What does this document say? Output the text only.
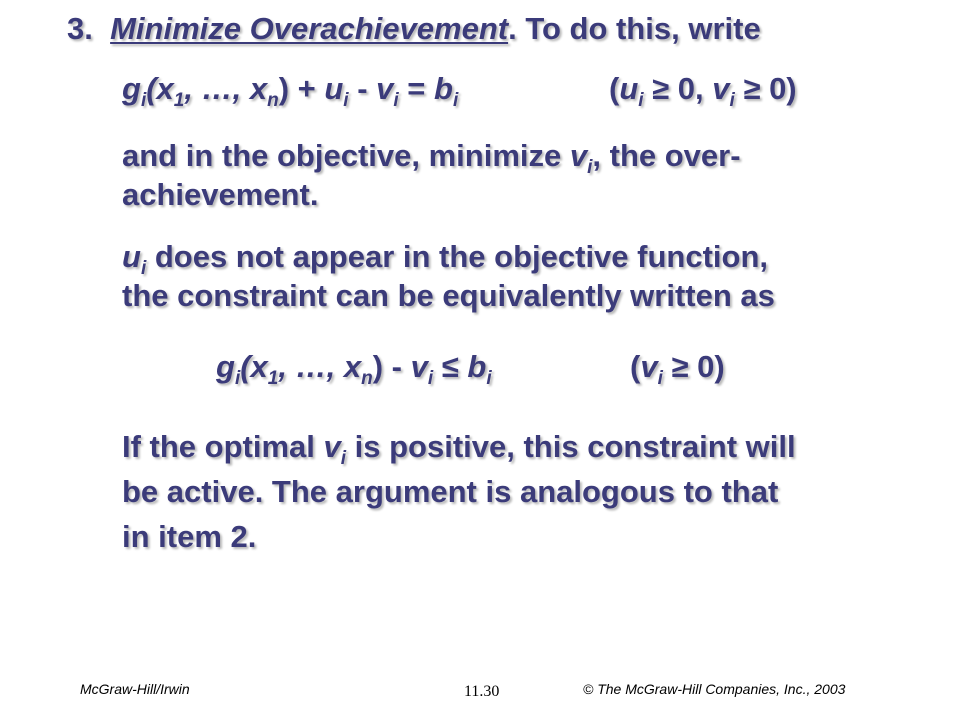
3. Minimize Overachievement. To do this, write
$g_i(x_1$, …, $x_n) + u_i - v_i = b_i$	($u_i \ge 0$, $v_i \ge 0$)
and in the objective, minimize $v_i$, the over-
achievement.
$u_i$ does not appear in the objective function,
the constraint can be equivalently written as
$g_i(x_1$, …, $x_n) - v_i \le b_i$	$(v_i \ge 0)$
If the optimal $v_i$ is positive, this constraint will
be active. The argument is analogous to that
in item 2.
McGraw-Hill/Irwin	11.30	© The McGraw-Hill Companies, Inc., 2003
